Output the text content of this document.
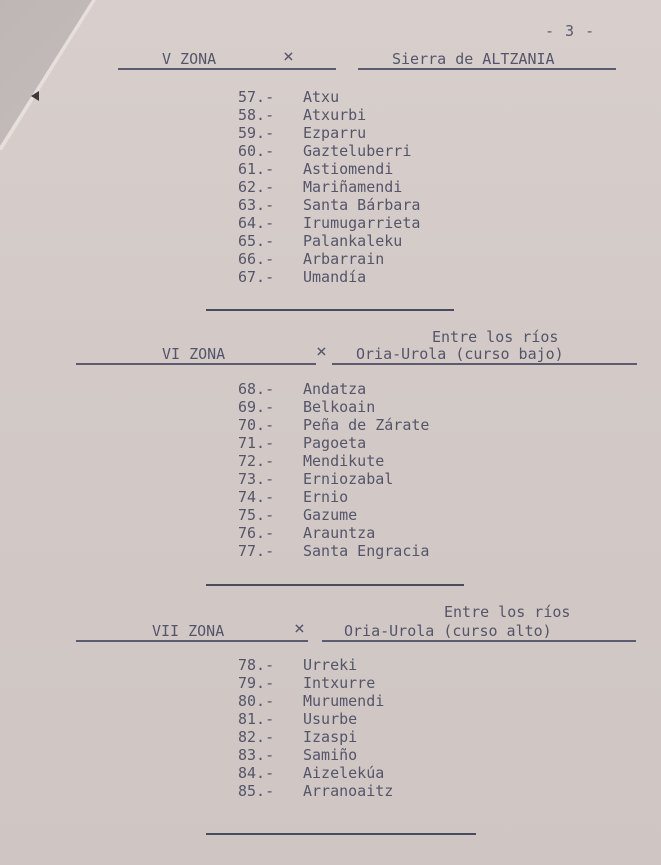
- 3 -
V ZONA	×	Sierra de ALTZANIA
57.- Atxu
58.- Atxurbi
59.- Ezparru
60.- Gazteluberri
61.- Astiomendi
62.- Mariñamendi
63.- Santa Bárbara
64.- Irumugarrieta
65.- Palankaleku
66.- Arbarrain
67.- Umandía
Entre los ríos
VI ZONA	× Oria-Urola (curso bajo)
68.- Andatza
69.- Belkoain
70.- Peña de Zárate
71.- Pagoeta
72.- Mendikute
73.- Erniozabal
74.- Ernio
75.- Gazume
76.- Arauntza
77.- Santa Engracia
Entre los ríos
VII ZONA	×	Oria-Urola (curso alto)
78.- Urreki
79.- Intxurre
80.- Murumendi
81.- Usurbe
82.- Izaspi
83.- Samiño
84.- Aizelekúa
85.- Arranoaitz
